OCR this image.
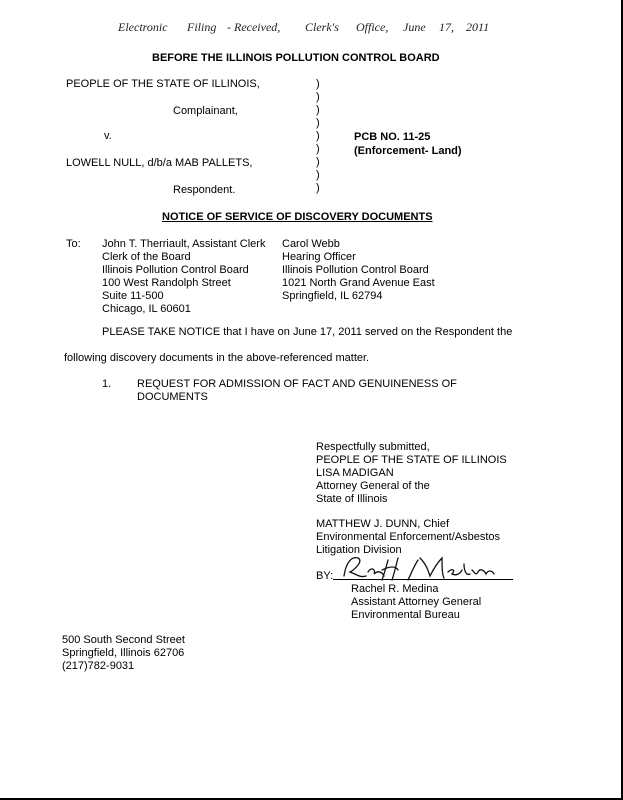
Electronic Filing - Received, Clerk's Office, June 17, 2011
BEFORE THE ILLINOIS POLLUTION CONTROL BOARD
PEOPLE OF THE STATE OF ILLINOIS,
Complainant,
v.
LOWELL NULL, d/b/a MAB PALLETS,
Respondent.
)
)
)
)
)
)
)
)
)
PCB NO. 11-25
(Enforcement- Land)
NOTICE OF SERVICE OF DISCOVERY DOCUMENTS
To: John T. Therriault, Assistant Clerk
Clerk of the Board
Illinois Pollution Control Board
100 West Randolph Street
Suite 11-500
Chicago, IL 60601
Carol Webb
Hearing Officer
Illinois Pollution Control Board
1021 North Grand Avenue East
Springfield, IL 62794
PLEASE TAKE NOTICE that I have on June 17, 2011 served on the Respondent the
following discovery documents in the above-referenced matter.
1. REQUEST FOR ADMISSION OF FACT AND GENUINENESS OF
DOCUMENTS
Respectfully submitted,
PEOPLE OF THE STATE OF ILLINOIS
LISA MADIGAN
Attorney General of the
State of Illinois
MATTHEW J. DUNN, Chief
Environmental Enforcement/Asbestos
Litigation Division
BY:
Rachel R. Medina
Assistant Attorney General
Environmental Bureau
500 South Second Street
Springfield, Illinois 62706
(217)782-9031
